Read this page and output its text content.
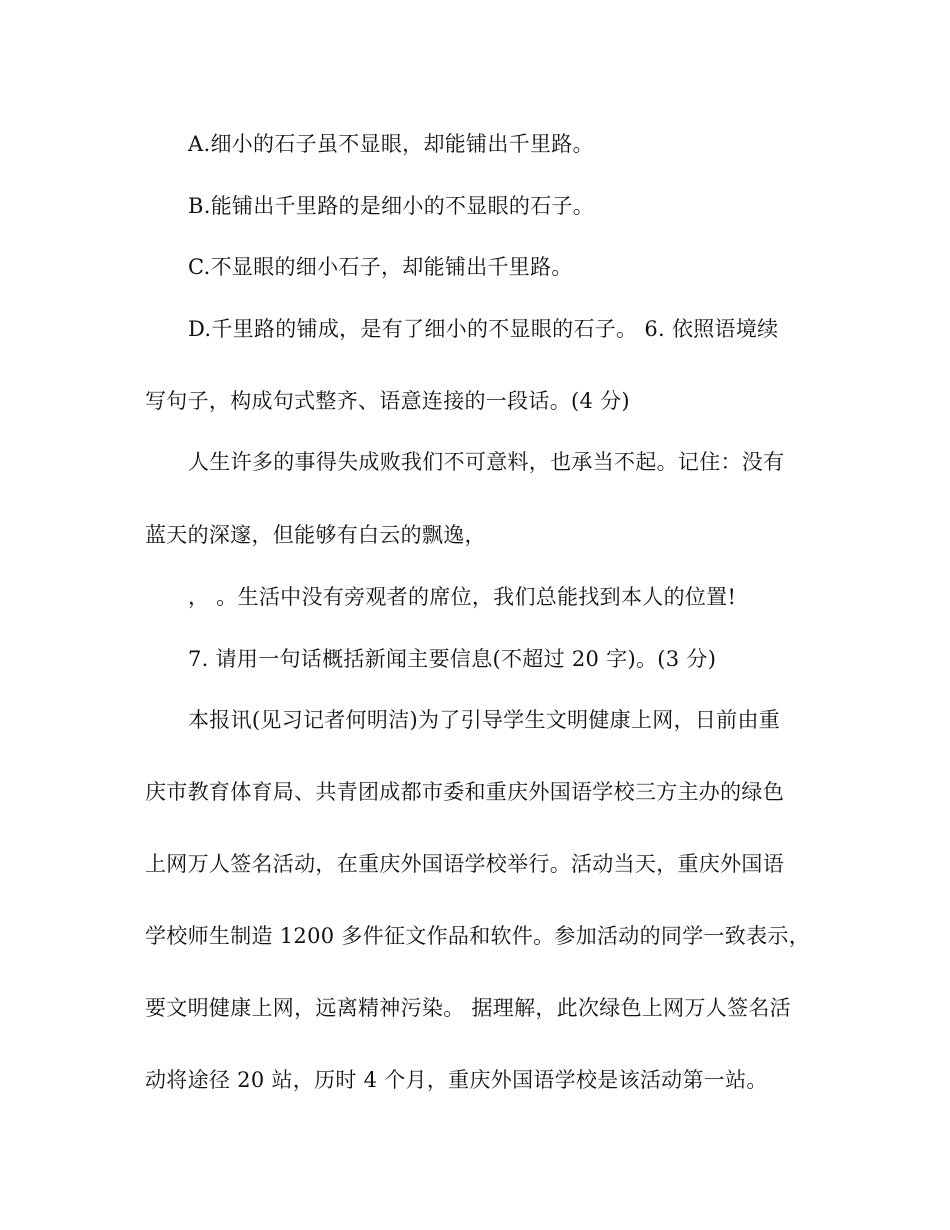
A.细小的石子虽不显眼，却能铺出千里路。
B.能铺出千里路的是细小的不显眼的石子。
C.不显眼的细小石子，却能铺出千里路。
D.千里路的铺成，是有了细小的不显眼的石子。 6. 依照语境续
写句子，构成句式整齐、语意连接的一段话。(4 分)
人生许多的事得失成败我们不可意料，也承当不起。记住：没有
蓝天的深邃，但能够有白云的飘逸，
， 。生活中没有旁观者的席位，我们总能找到本人的位置!
7. 请用一句话概括新闻主要信息(不超过 20 字)。(3 分)
本报讯(见习记者何明洁)为了引导学生文明健康上网，日前由重
庆市教育体育局、共青团成都市委和重庆外国语学校三方主办的绿色
上网万人签名活动，在重庆外国语学校举行。活动当天，重庆外国语
学校师生制造 1200 多件征文作品和软件。参加活动的同学一致表示，
要文明健康上网，远离精神污染。 据理解，此次绿色上网万人签名活
动将途径 20 站，历时 4 个月，重庆外国语学校是该活动第一站。
